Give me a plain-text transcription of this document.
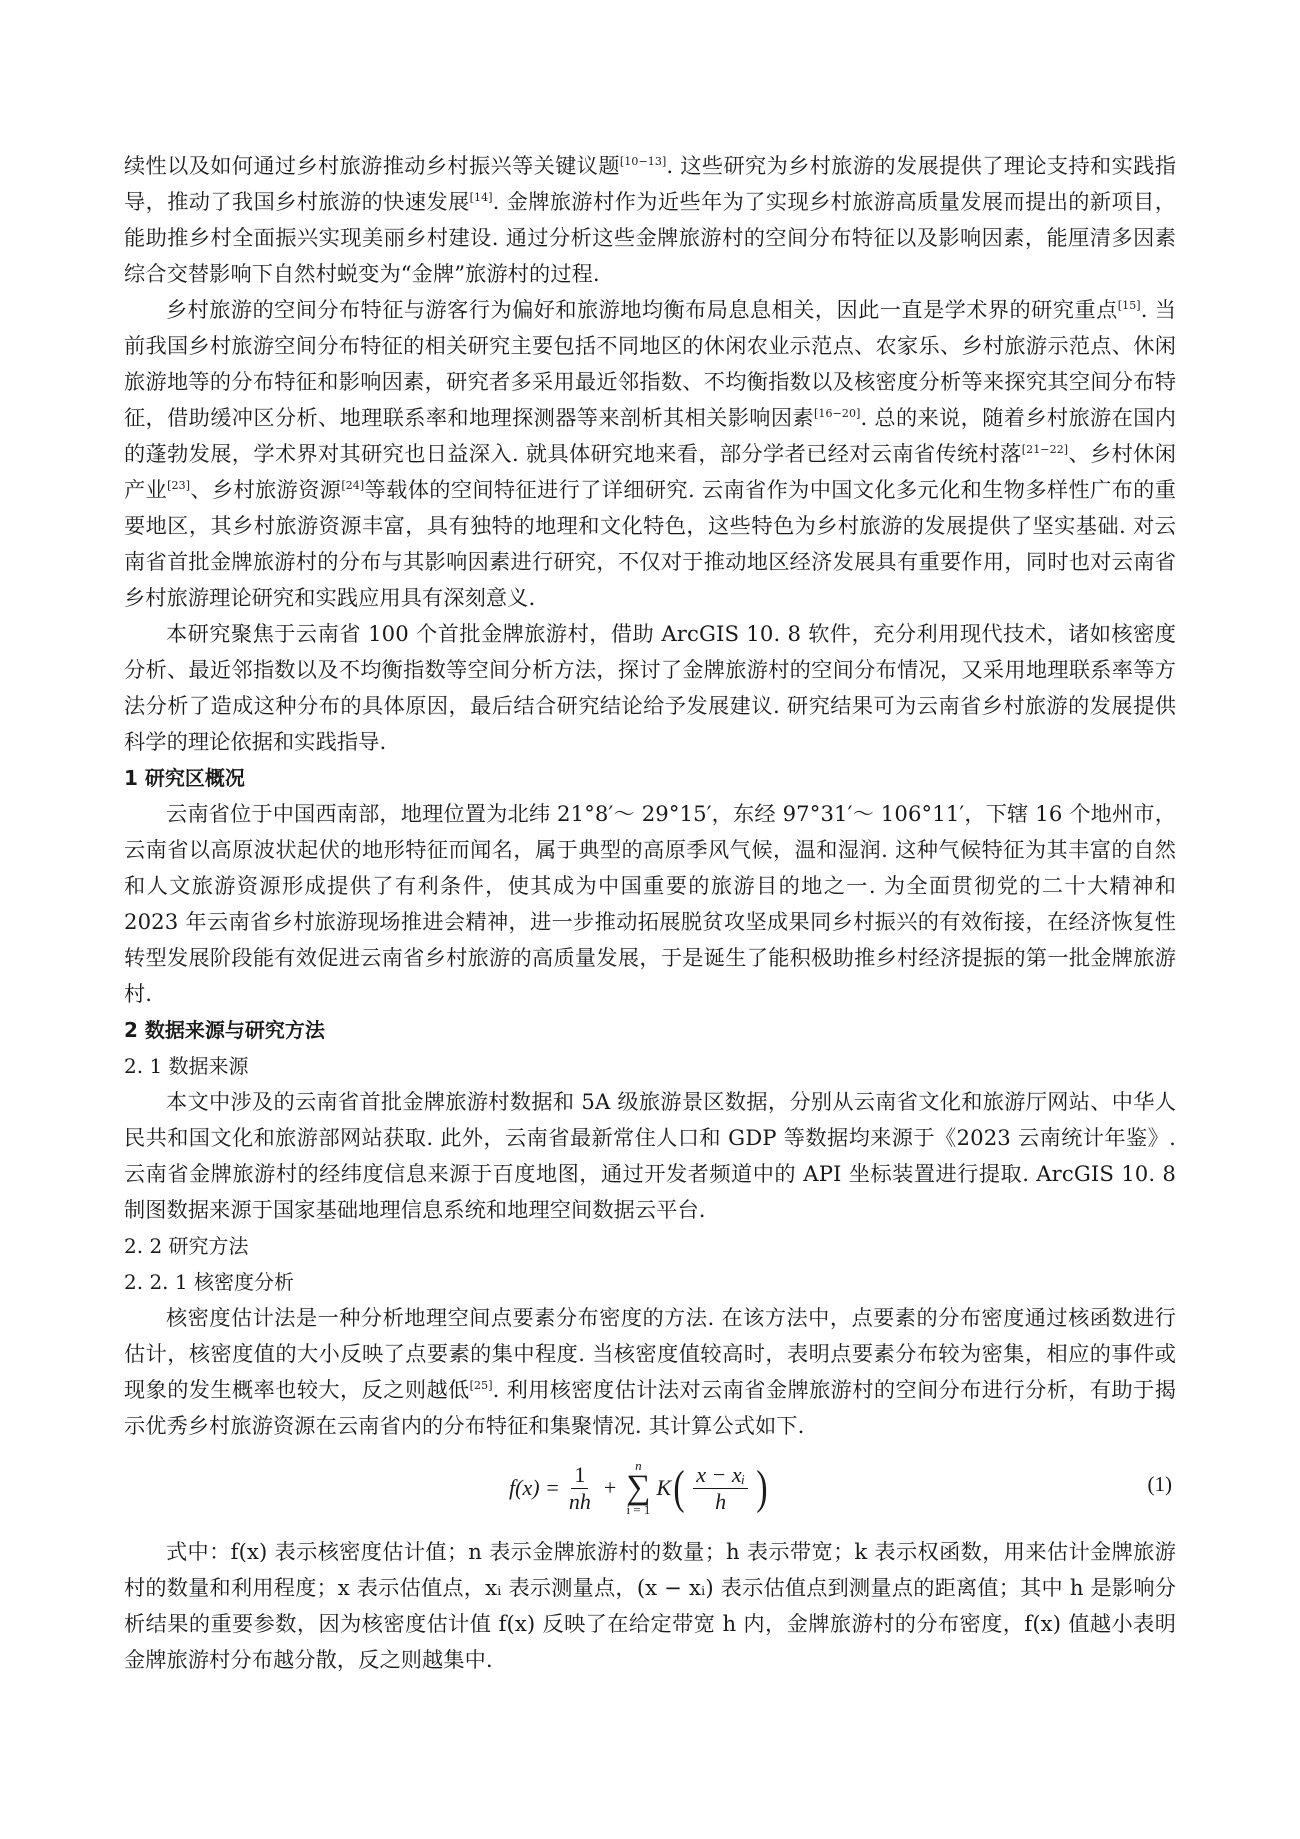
续性以及如何通过乡村旅游推动乡村振兴等关键议题[10−13]. 这些研究为乡村旅游的发展提供了理论支持和实践指导，推动了我国乡村旅游的快速发展[14]. 金牌旅游村作为近些年为了实现乡村旅游高质量发展而提出的新项目，能助推乡村全面振兴实现美丽乡村建设. 通过分析这些金牌旅游村的空间分布特征以及影响因素，能厘清多因素综合交替影响下自然村蜕变为“金牌”旅游村的过程.

乡村旅游的空间分布特征与游客行为偏好和旅游地均衡布局息息相关，因此一直是学术界的研究重点[15]. 当前我国乡村旅游空间分布特征的相关研究主要包括不同地区的休闲农业示范点、农家乐、乡村旅游示范点、休闲旅游地等的分布特征和影响因素，研究者多采用最近邻指数、不均衡指数以及核密度分析等来探究其空间分布特征，借助缓冲区分析、地理联系率和地理探测器等来剖析其相关影响因素[16−20]. 总的来说，随着乡村旅游在国内的蓬勃发展，学术界对其研究也日益深入. 就具体研究地来看，部分学者已经对云南省传统村落[21−22]、乡村休闲产业[23]、乡村旅游资源[24]等载体的空间特征进行了详细研究. 云南省作为中国文化多元化和生物多样性广布的重要地区，其乡村旅游资源丰富，具有独特的地理和文化特色，这些特色为乡村旅游的发展提供了坚实基础. 对云南省首批金牌旅游村的分布与其影响因素进行研究，不仅对于推动地区经济发展具有重要作用，同时也对云南省乡村旅游理论研究和实践应用具有深刻意义.

本研究聚焦于云南省 100 个首批金牌旅游村，借助 ArcGIS 10. 8 软件，充分利用现代技术，诸如核密度分析、最近邻指数以及不均衡指数等空间分析方法，探讨了金牌旅游村的空间分布情况，又采用地理联系率等方法分析了造成这种分布的具体原因，最后结合研究结论给予发展建议. 研究结果可为云南省乡村旅游的发展提供科学的理论依据和实践指导.

1 研究区概况

云南省位于中国西南部，地理位置为北纬 21°8′～ 29°15′，东经 97°31′～ 106°11′，下辖 16 个地州市，云南省以高原波状起伏的地形特征而闻名，属于典型的高原季风气候，温和湿润. 这种气候特征为其丰富的自然和人文旅游资源形成提供了有利条件，使其成为中国重要的旅游目的地之一. 为全面贯彻党的二十大精神和 2023 年云南省乡村旅游现场推进会精神，进一步推动拓展脱贫攻坚成果同乡村振兴的有效衔接，在经济恢复性转型发展阶段能有效促进云南省乡村旅游的高质量发展，于是诞生了能积极助推乡村经济提振的第一批金牌旅游村.

2 数据来源与研究方法
2. 1 数据来源

本文中涉及的云南省首批金牌旅游村数据和 5A 级旅游景区数据，分别从云南省文化和旅游厅网站、中华人民共和国文化和旅游部网站获取. 此外，云南省最新常住人口和 GDP 等数据均来源于《2023 云南统计年鉴》. 云南省金牌旅游村的经纬度信息来源于百度地图，通过开发者频道中的 API 坐标装置进行提取. ArcGIS 10. 8 制图数据来源于国家基础地理信息系统和地理空间数据云平台.

2. 2 研究方法
2. 2. 1 核密度分析

核密度估计法是一种分析地理空间点要素分布密度的方法. 在该方法中，点要素的分布密度通过核函数进行估计，核密度值的大小反映了点要素的集中程度. 当核密度值较高时，表明点要素分布较为密集，相应的事件或现象的发生概率也较大，反之则越低[25]. 利用核密度估计法对云南省金牌旅游村的空间分布进行分析，有助于揭示优秀乡村旅游资源在云南省内的分布特征和集聚情况. 其计算公式如下.

$f(x) = \frac{1}{nh}$ +
n
∑
i = 1
K ( $\frac{\text{x − xᵢ}}{h}$ )	(1)

式中：f(x) 表示核密度估计值；n 表示金牌旅游村的数量；h 表示带宽；k 表示权函数，用来估计金牌旅游村的数量和利用程度；x 表示估值点，xᵢ 表示测量点，(x − xᵢ) 表示估值点到测量点的距离值；其中 h 是影响分析结果的重要参数，因为核密度估计值 f(x) 反映了在给定带宽 h 内，金牌旅游村的分布密度，f(x) 值越小表明金牌旅游村分布越分散，反之则越集中.
